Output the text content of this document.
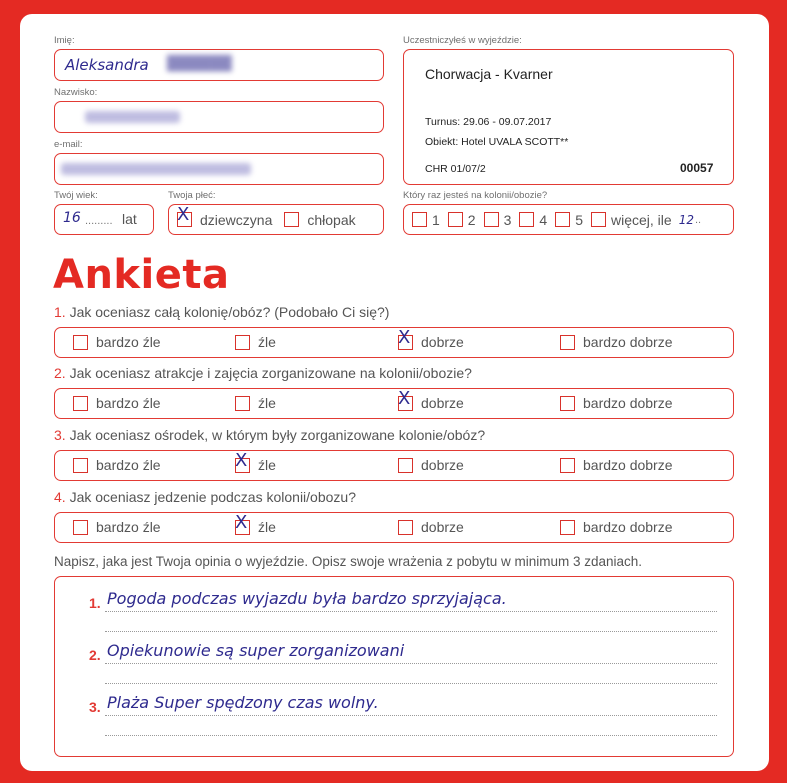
Imię:
Aleksandra ██████
Nazwisko:
e-mail:
Twój wiek:
16 ......... lat
Twoja płeć:
X dziewczyna	chłopak
Uczestniczyłeś w wyjeździe:
Chorwacja - Kvarner
Turnus: 29.06 - 09.07.2017
Obiekt: Hotel UVALA SCOTT**
CHR 01/07/2	00057
Który raz jesteś na kolonii/obozie?
1 2 3 4 5 więcej, ile 12 ..
Ankieta
1. Jak oceniasz całą kolonię/obóz? (Podobało Ci się?)
bardzo źle	źle	X dobrze	bardzo dobrze
2. Jak oceniasz atrakcje i zajęcia zorganizowane na kolonii/obozie?
bardzo źle	źle	X dobrze	bardzo dobrze
3. Jak oceniasz ośrodek, w którym były zorganizowane kolonie/obóz?
bardzo źle	X źle	dobrze	bardzo dobrze
4. Jak oceniasz jedzenie podczas kolonii/obozu?
bardzo źle	X źle	dobrze	bardzo dobrze
Napisz, jaka jest Twoja opinia o wyjeździe. Opisz swoje wrażenia z pobytu w minimum 3 zdaniach.
1. Pogoda podczas wyjazdu była bardzo sprzyjająca.
2. Opiekunowie są super zorganizowani
3. Plaża Super spędzony czas wolny.
